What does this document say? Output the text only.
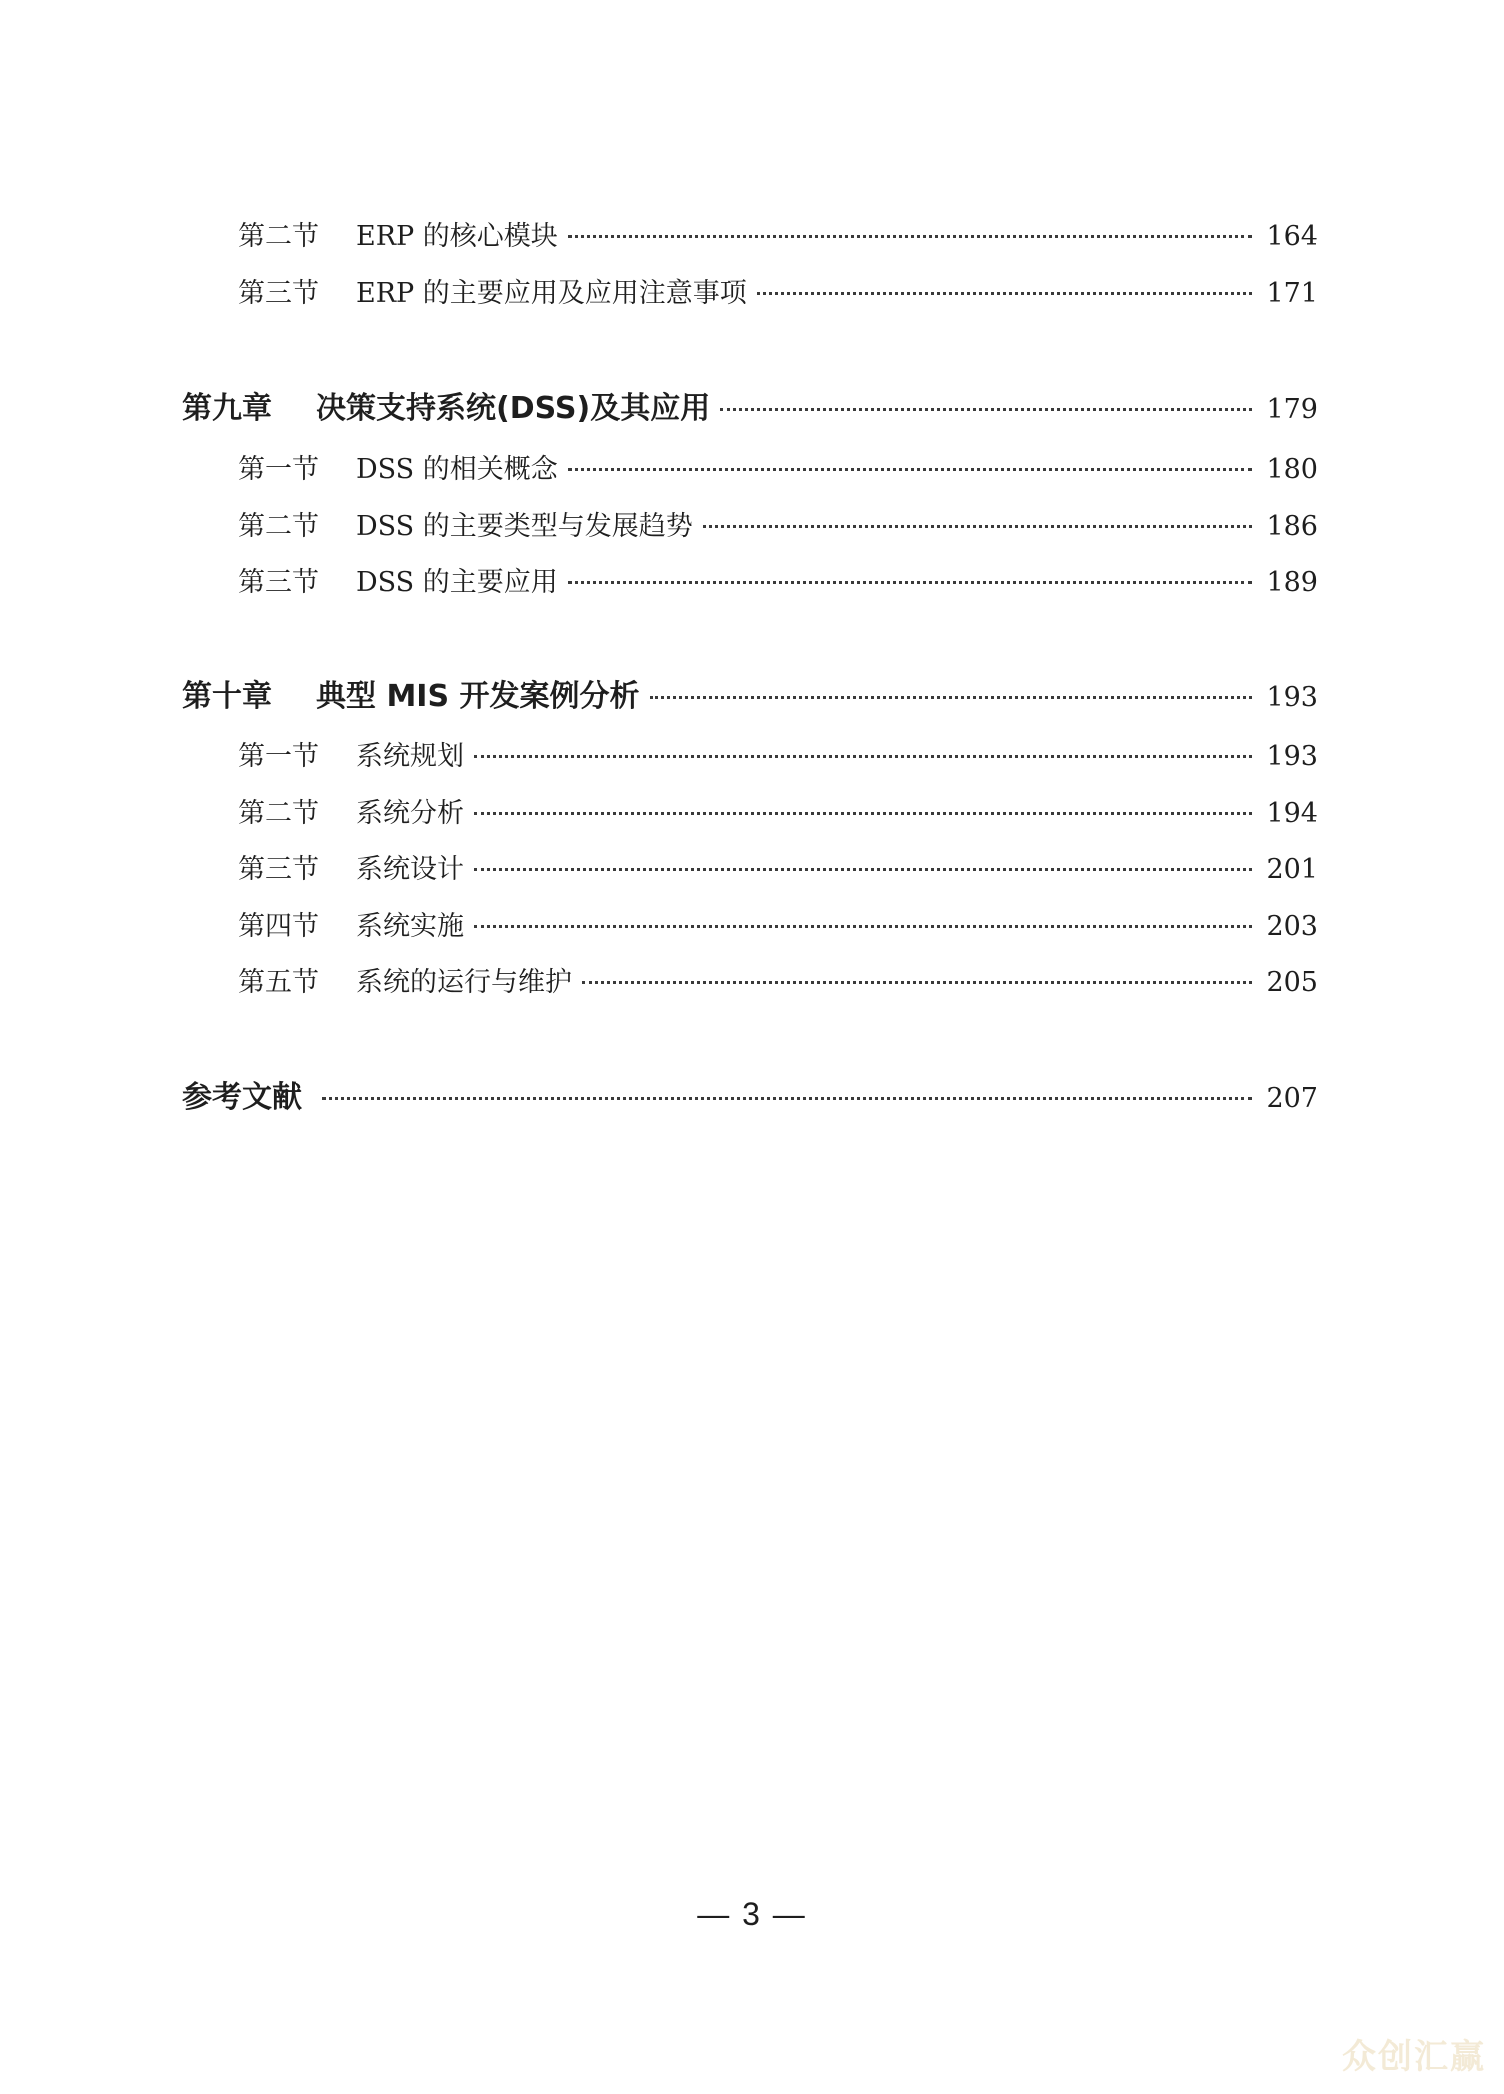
第二节	ERP 的核心模块	164
第三节	ERP 的主要应用及应用注意事项	171
第九章	决策支持系统(DSS)及其应用	179
第一节	DSS 的相关概念	180
第二节	DSS 的主要类型与发展趋势	186
第三节	DSS 的主要应用	189
第十章	典型 MIS 开发案例分析	193
第一节	系统规划	193
第二节	系统分析	194
第三节	系统设计	201
第四节	系统实施	203
第五节	系统的运行与维护	205
参考文献	207
— 3 —
众创汇赢
